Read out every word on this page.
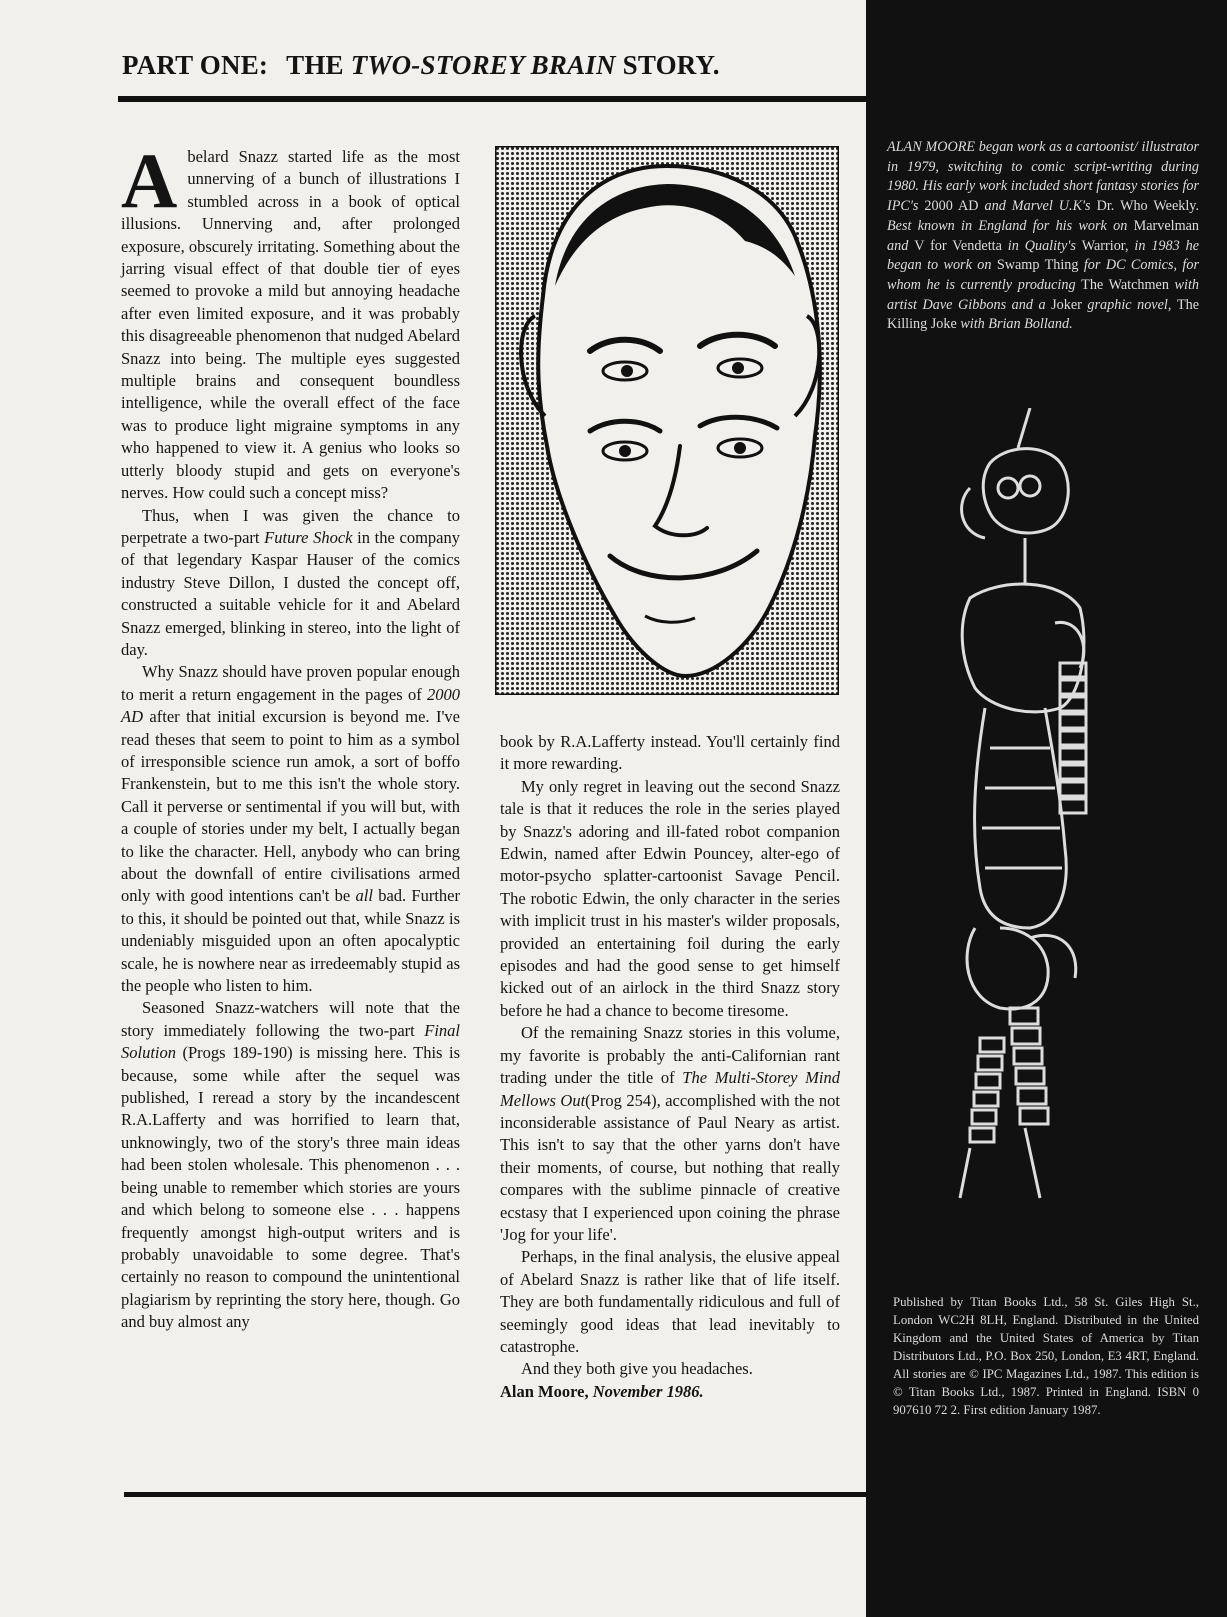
PART ONE: THE TWO-STOREY BRAIN STORY.

Abelard Snazz started life as the most unnerving of a bunch of illustrations I stumbled across in a book of optical illusions. Unnerving and, after prolonged exposure, obscurely irritating. Something about the jarring visual effect of that double tier of eyes seemed to provoke a mild but annoying headache after even limited exposure, and it was probably this disagreeable phenomenon that nudged Abelard Snazz into being. The multiple eyes suggested multiple brains and consequent boundless intelligence, while the overall effect of the face was to produce light migraine symptoms in any who happened to view it. A genius who looks so utterly bloody stupid and gets on everyone's nerves. How could such a concept miss?

Thus, when I was given the chance to perpetrate a two-part Future Shock in the company of that legendary Kaspar Hauser of the comics industry Steve Dillon, I dusted the concept off, constructed a suitable vehicle for it and Abelard Snazz emerged, blinking in stereo, into the light of day.

Why Snazz should have proven popular enough to merit a return engagement in the pages of 2000 AD after that initial excursion is beyond me. I've read theses that seem to point to him as a symbol of irresponsible science run amok, a sort of boffo Frankenstein, but to me this isn't the whole story. Call it perverse or sentimental if you will but, with a couple of stories under my belt, I actually began to like the character. Hell, anybody who can bring about the downfall of entire civilisations armed only with good intentions can't be all bad. Further to this, it should be pointed out that, while Snazz is undeniably misguided upon an often apocalyptic scale, he is nowhere near as irredeemably stupid as the people who listen to him.

Seasoned Snazz-watchers will note that the story immediately following the two-part Final Solution (Progs 189-190) is missing here. This is because, some while after the sequel was published, I reread a story by the incandescent R.A.Lafferty and was horrified to learn that, unknowingly, two of the story's three main ideas had been stolen wholesale. This phenomenon . . . being unable to remember which stories are yours and which belong to someone else . . . happens frequently amongst high-output writers and is probably unavoidable to some degree. That's certainly no reason to compound the unintentional plagiarism by reprinting the story here, though. Go and buy almost any

book by R.A.Lafferty instead. You'll certainly find it more rewarding.

My only regret in leaving out the second Snazz tale is that it reduces the role in the series played by Snazz's adoring and ill-fated robot companion Edwin, named after Edwin Pouncey, alter-ego of motor-psycho splatter-cartoonist Savage Pencil. The robotic Edwin, the only character in the series with implicit trust in his master's wilder proposals, provided an entertaining foil during the early episodes and had the good sense to get himself kicked out of an airlock in the third Snazz story before he had a chance to become tiresome.

Of the remaining Snazz stories in this volume, my favorite is probably the anti-Californian rant trading under the title of The Multi-Storey Mind Mellows Out(Prog 254), accomplished with the not inconsiderable assistance of Paul Neary as artist. This isn't to say that the other yarns don't have their moments, of course, but nothing that really compares with the sublime pinnacle of creative ecstasy that I experienced upon coining the phrase 'Jog for your life'.

Perhaps, in the final analysis, the elusive appeal of Abelard Snazz is rather like that of life itself. They are both fundamentally ridiculous and full of seemingly good ideas that lead inevitably to catastrophe.

And they both give you headaches.

Alan Moore, November 1986.

ALAN MOORE began work as a cartoonist/ illustrator in 1979, switching to comic script-writing during 1980. His early work included short fantasy stories for IPC's 2000 AD and Marvel U.K's Dr. Who Weekly. Best known in England for his work on Marvelman and V for Vendetta in Quality's Warrior, in 1983 he began to work on Swamp Thing for DC Comics, for whom he is currently producing The Watchmen with artist Dave Gibbons and a Joker graphic novel, The Killing Joke with Brian Bolland.
Published by Titan Books Ltd., 58 St. Giles High St., London WC2H 8LH, England. Distributed in the United Kingdom and the United States of America by Titan Distributors Ltd., P.O. Box 250, London, E3 4RT, England. All stories are © IPC Magazines Ltd., 1987. This edition is © Titan Books Ltd., 1987. Printed in England. ISBN 0 907610 72 2. First edition January 1987.
